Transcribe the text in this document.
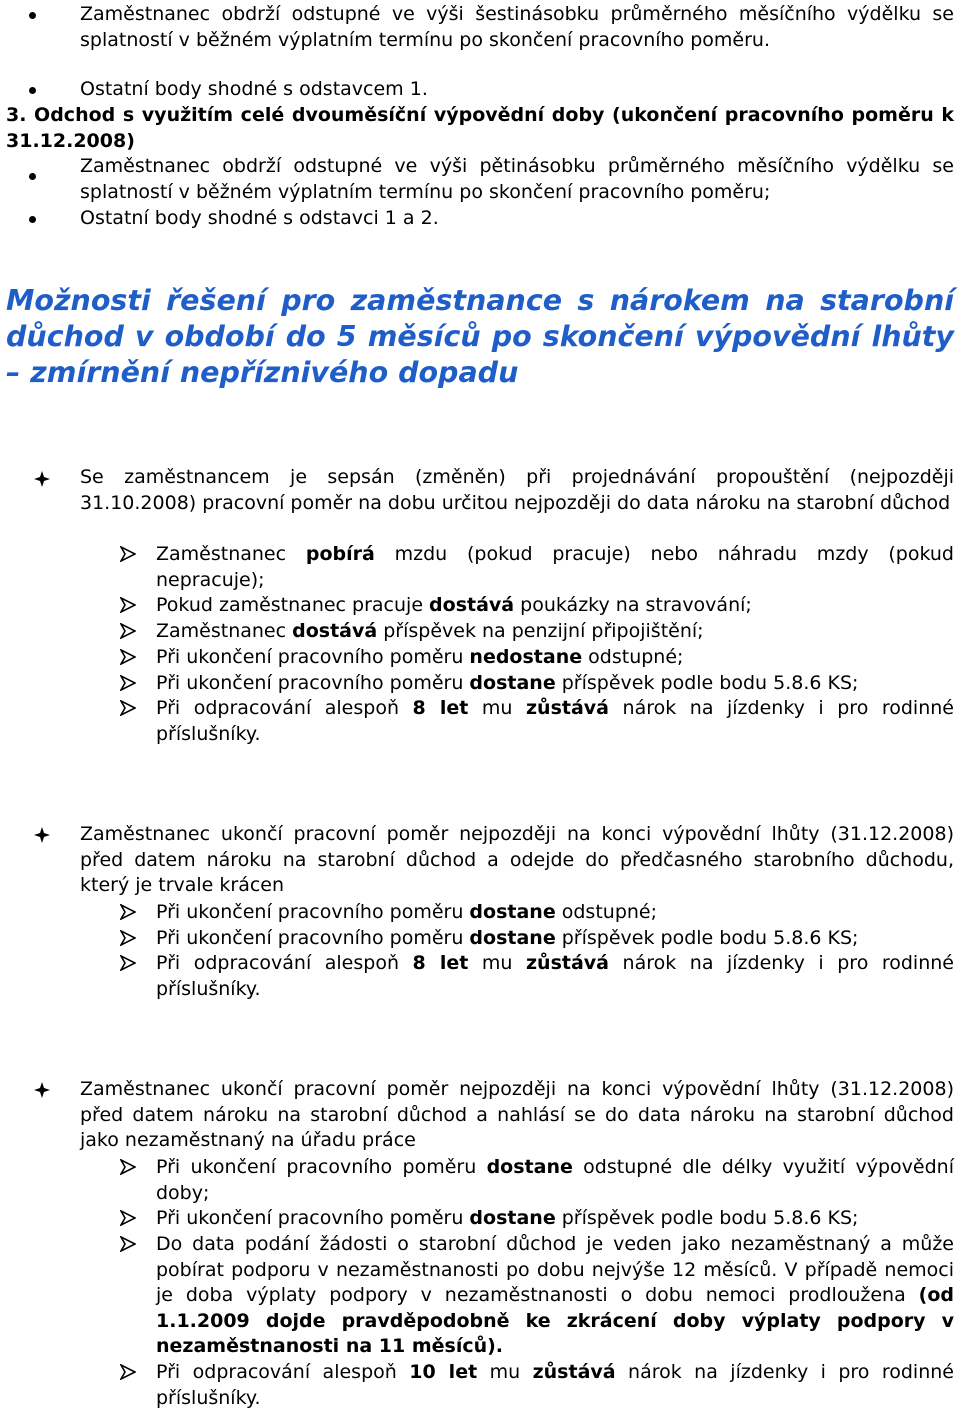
Zaměstnanec obdrží odstupné ve výši šestinásobku průměrného měsíčního výdělku se splatností v běžném výplatním termínu po skončení pracovního poměru.
Ostatní body shodné s odstavcem 1.
3. Odchod s využitím celé dvouměsíční výpovědní doby (ukončení pracovního poměru k 31.12.2008)
Zaměstnanec obdrží odstupné ve výši pětinásobku průměrného měsíčního výdělku se splatností v běžném výplatním termínu po skončení pracovního poměru;
Ostatní body shodné s odstavci 1 a 2.
Možnosti řešení pro zaměstnance s nárokem na starobní důchod v období do 5 měsíců po skončení výpovědní lhůty – zmírnění nepříznivého dopadu
Se zaměstnancem je sepsán (změněn) při projednávání propouštění (nejpozději 31.10.2008) pracovní poměr na dobu určitou nejpozději do data nároku na starobní důchod
Zaměstnanec pobírá mzdu (pokud pracuje) nebo náhradu mzdy (pokud nepracuje);
Pokud zaměstnanec pracuje dostává poukázky na stravování;
Zaměstnanec dostává příspěvek na penzijní připojištění;
Při ukončení pracovního poměru nedostane odstupné;
Při ukončení pracovního poměru dostane příspěvek podle bodu 5.8.6 KS;
Při odpracování alespoň 8 let mu zůstává nárok na jízdenky i pro rodinné příslušníky.
Zaměstnanec ukončí pracovní poměr nejpozději na konci výpovědní lhůty (31.12.2008) před datem nároku na starobní důchod a odejde do předčasného starobního důchodu, který je trvale krácen
Při ukončení pracovního poměru dostane odstupné;
Při ukončení pracovního poměru dostane příspěvek podle bodu 5.8.6 KS;
Při odpracování alespoň 8 let mu zůstává nárok na jízdenky i pro rodinné příslušníky.
Zaměstnanec ukončí pracovní poměr nejpozději na konci výpovědní lhůty (31.12.2008) před datem nároku na starobní důchod a nahlásí se do data nároku na starobní důchod jako nezaměstnaný na úřadu práce
Při ukončení pracovního poměru dostane odstupné dle délky využití výpovědní doby;
Při ukončení pracovního poměru dostane příspěvek podle bodu 5.8.6 KS;
Do data podání žádosti o starobní důchod je veden jako nezaměstnaný a může pobírat podporu v nezaměstnanosti po dobu nejvýše 12 měsíců. V případě nemoci je doba výplaty podpory v nezaměstnanosti o dobu nemoci prodloužena (od 1.1.2009 dojde pravděpodobně ke zkrácení doby výplaty podpory v nezaměstnanosti na 11 měsíců).
Při odpracování alespoň 10 let mu zůstává nárok na jízdenky i pro rodinné příslušníky.
